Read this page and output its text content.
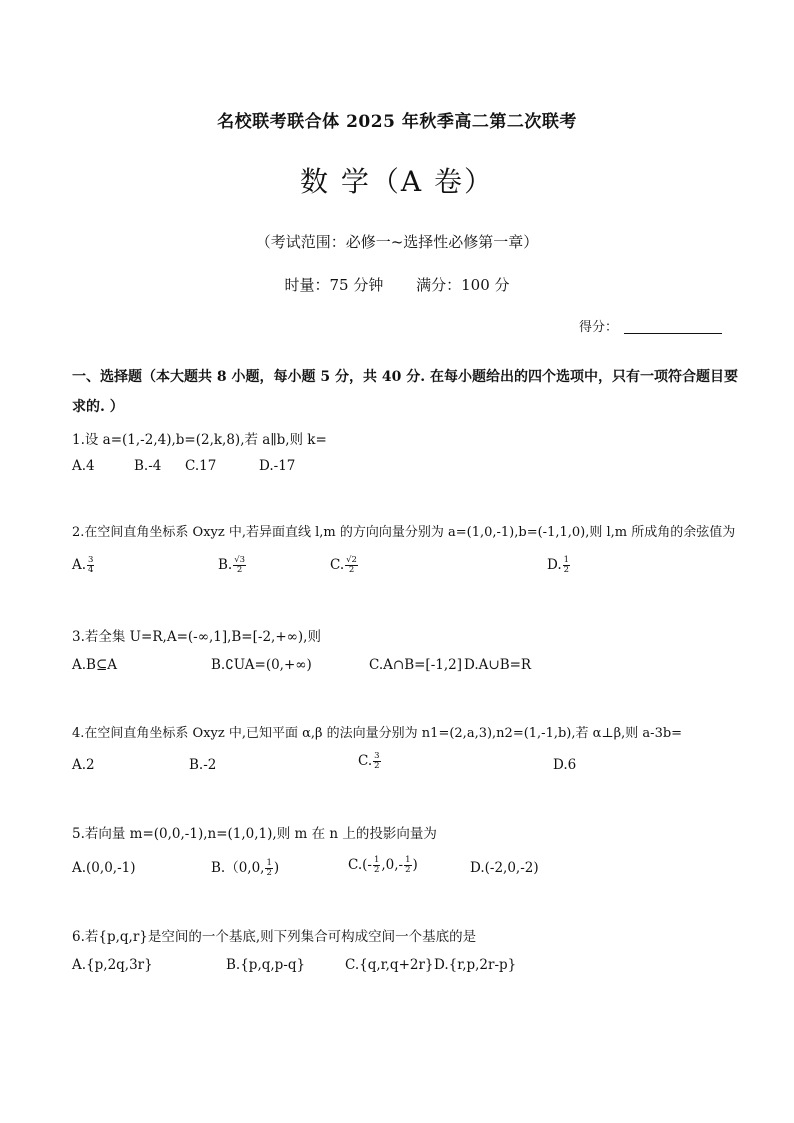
名校联考联合体 2025 年秋季高二第二次联考
数 学（A 卷）
（考试范围：必修一~选择性必修第一章）
时量：75 分钟 满分：100 分
得分：
一、选择题（本大题共 8 小题，每小题 5 分，共 40 分. 在每小题给出的四个选项中，只有一项符合题目要
求的. ）
1.设 a=(1,-2,4),b=(2,k,8),若 a∥b,则 k=
A.4	B.-4 C.17	D.-17
2.在空间直角坐标系 Oxyz 中,若异面直线 l,m 的方向向量分别为 a=(1,0,-1),b=(-1,1,0),则 l,m 所成角的余弦值为
A. $\frac{3}{4}$	B. $\frac{√3}{2}$	C. $\frac{√2}{2}$	D. $\frac{1}{2}$
3.若全集 U=R,A=(-∞,1],B=[-2,+∞),则
A.B⊆A	B.∁UA=(0,+∞)	C.A∩B=[-1,2] D.A∪B=R
4.在空间直角坐标系 Oxyz 中,已知平面 α,β 的法向量分别为 n1=(2,a,3),n2=(1,-1,b),若 α⊥β,则 a-3b=
A.2	B.-2	C. $\frac{3}{2}$	D.6
5.若向量 m=(0,0,-1),n=(1,0,1),则 m 在 n 上的投影向量为
A.(0,0,-1)	B.（0,0, $\frac{1}{2}$ )	$C.(- \frac{1}{2} ,0,- \frac{1}{2}$ )	D.(-2,0,-2)
6.若{p,q,r}是空间的一个基底,则下列集合可构成空间一个基底的是
A.{p,2q,3r}	B.{p,q,p-q}	C.{q,r,q+2r} D.{r,p,2r-p}
